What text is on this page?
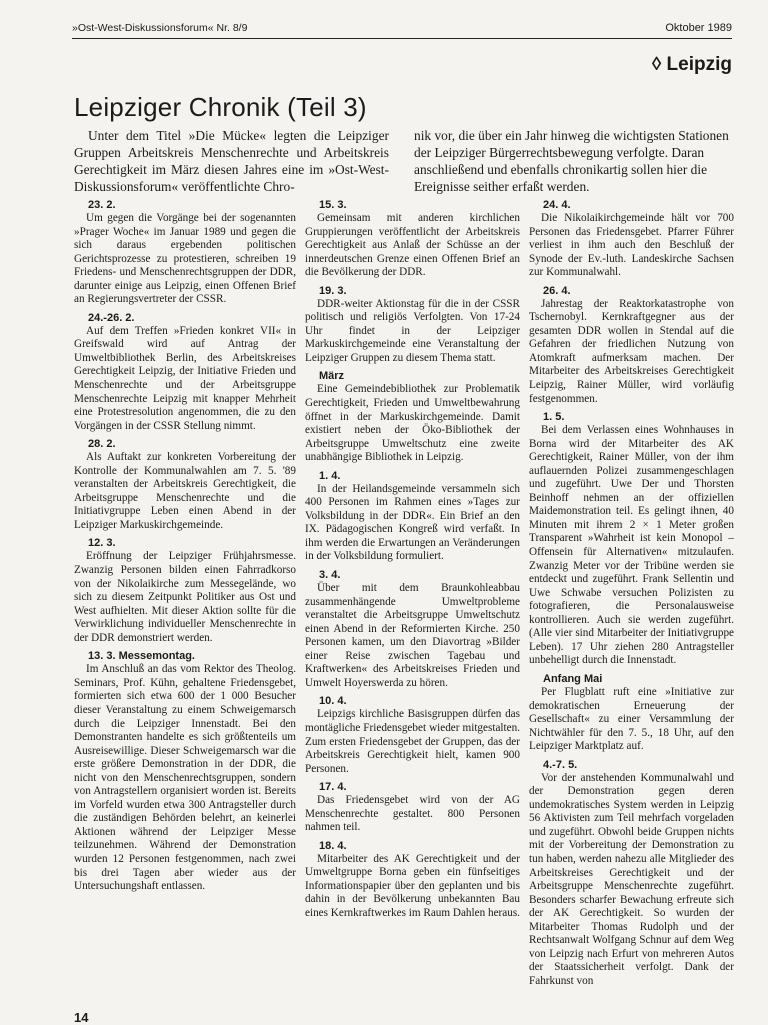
»Ost-West-Diskussionsforum« Nr. 8/9	Oktober 1989
◊ Leipzig
Leipziger Chronik (Teil 3)
Unter dem Titel »Die Mücke« legten die Leipziger Gruppen Arbeitskreis Menschenrechte und Arbeitskreis Gerechtigkeit im März diesen Jahres eine im »Ost-West-Diskussionsforum« veröffentlichte Chro-
nik vor, die über ein Jahr hinweg die wichtigsten Stationen der Leipziger Bürgerrechtsbewegung verfolgte. Daran anschließend und ebenfalls chronikartig sollen hier die Ereignisse seither erfaßt werden.
23. 2.
Um gegen die Vorgänge bei der sogenannten »Prager Woche« im Januar 1989 und gegen die sich daraus ergebenden politischen Gerichtsprozesse zu protestieren, schreiben 19 Friedens- und Menschenrechtsgruppen der DDR, darunter einige aus Leipzig, einen Offenen Brief an Regierungsvertreter der CSSR.
24.-26. 2.
Auf dem Treffen »Frieden konkret VII« in Greifswald wird auf Antrag der Umweltbibliothek Berlin, des Arbeitskreises Gerechtigkeit Leipzig, der Initiative Frieden und Menschenrechte und der Arbeitsgruppe Menschenrechte Leipzig mit knapper Mehrheit eine Protestresolution angenommen, die zu den Vorgängen in der CSSR Stellung nimmt.
28. 2.
Als Auftakt zur konkreten Vorbereitung der Kontrolle der Kommunalwahlen am 7. 5. '89 veranstalten der Arbeitskreis Gerechtigkeit, die Arbeitsgruppe Menschenrechte und die Initiativgruppe Leben einen Abend in der Leipziger Markuskirchgemeinde.
12. 3.
Eröffnung der Leipziger Frühjahrsmesse. Zwanzig Personen bilden einen Fahrradkorso von der Nikolaikirche zum Messegelände, wo sich zu diesem Zeitpunkt Politiker aus Ost und West aufhielten. Mit dieser Aktion sollte für die Verwirklichung individueller Menschenrechte in der DDR demonstriert werden.
13. 3. Messemontag.
Im Anschluß an das vom Rektor des Theolog. Seminars, Prof. Kühn, gehaltene Friedensgebet, formierten sich etwa 600 der 1 000 Besucher dieser Veranstaltung zu einem Schweigemarsch durch die Leipziger Innenstadt. Bei den Demonstranten handelte es sich größtenteils um Ausreisewillige. Dieser Schweigemarsch war die erste größere Demonstration in der DDR, die nicht von den Menschenrechtsgruppen, sondern von Antragstellern organisiert worden ist. Bereits im Vorfeld wurden etwa 300 Antragsteller durch die zuständigen Behörden belehrt, an keinerlei Aktionen während der Leipziger Messe teilzunehmen. Während der Demonstration wurden 12 Personen festgenommen, nach zwei bis drei Tagen aber wieder aus der Untersuchungshaft entlassen.
15. 3.
Gemeinsam mit anderen kirchlichen Gruppierungen veröffentlicht der Arbeitskreis Gerechtigkeit aus Anlaß der Schüsse an der innerdeutschen Grenze einen Offenen Brief an die Bevölkerung der DDR.
19. 3.
DDR-weiter Aktionstag für die in der CSSR politisch und religiös Verfolgten. Von 17-24 Uhr findet in der Leipziger Markuskirchgemeinde eine Veranstaltung der Leipziger Gruppen zu diesem Thema statt.
März
Eine Gemeindebibliothek zur Problematik Gerechtigkeit, Frieden und Umweltbewahrung öffnet in der Markuskirchgemeinde. Damit existiert neben der Öko-Bibliothek der Arbeitsgruppe Umweltschutz eine zweite unabhängige Bibliothek in Leipzig.
1. 4.
In der Heilandsgemeinde versammeln sich 400 Personen im Rahmen eines »Tages zur Volksbildung in der DDR«. Ein Brief an den IX. Pädagogischen Kongreß wird verfaßt. In ihm werden die Erwartungen an Veränderungen in der Volksbildung formuliert.
3. 4.
Über mit dem Braunkohleabbau zusammenhängende Umweltprobleme veranstaltet die Arbeitsgruppe Umweltschutz einen Abend in der Reformierten Kirche. 250 Personen kamen, um den Diavortrag »Bilder einer Reise zwischen Tagebau und Kraftwerken« des Arbeitskreises Frieden und Umwelt Hoyerswerda zu hören.
10. 4.
Leipzigs kirchliche Basisgruppen dürfen das montägliche Friedensgebet wieder mitgestalten. Zum ersten Friedensgebet der Gruppen, das der Arbeitskreis Gerechtigkeit hielt, kamen 900 Personen.
17. 4.
Das Friedensgebet wird von der AG Menschenrechte gestaltet. 800 Personen nahmen teil.
18. 4.
Mitarbeiter des AK Gerechtigkeit und der Umweltgruppe Borna geben ein fünfseitiges Informationspapier über den geplanten und bis dahin in der Bevölkerung unbekannten Bau eines Kernkraftwerkes im Raum Dahlen heraus.
24. 4.
Die Nikolaikirchgemeinde hält vor 700 Personen das Friedensgebet. Pfarrer Führer verliest in ihm auch den Beschluß der Synode der Ev.-luth. Landeskirche Sachsen zur Kommunalwahl.
26. 4.
Jahrestag der Reaktorkatastrophe von Tschernobyl. Kernkraftgegner aus der gesamten DDR wollen in Stendal auf die Gefahren der friedlichen Nutzung von Atomkraft aufmerksam machen. Der Mitarbeiter des Arbeitskreises Gerechtigkeit Leipzig, Rainer Müller, wird vorläufig festgenommen.
1. 5.
Bei dem Verlassen eines Wohnhauses in Borna wird der Mitarbeiter des AK Gerechtigkeit, Rainer Müller, von der ihm auflauernden Polizei zusammengeschlagen und zugeführt. Uwe Der und Thorsten Beinhoff nehmen an der offiziellen Maidemonstration teil. Es gelingt ihnen, 40 Minuten mit ihrem 2 × 1 Meter großen Transparent »Wahrheit ist kein Monopol – Offensein für Alternativen« mitzulaufen. Zwanzig Meter vor der Tribüne werden sie entdeckt und zugeführt. Frank Sellentin und Uwe Schwabe versuchen Polizisten zu fotografieren, die Personalausweise kontrollieren. Auch sie werden zugeführt. (Alle vier sind Mitarbeiter der Initiativgruppe Leben). 17 Uhr ziehen 280 Antragsteller unbehelligt durch die Innenstadt.
Anfang Mai
Per Flugblatt ruft eine »Initiative zur demokratischen Erneuerung der Gesellschaft« zu einer Versammlung der Nichtwähler für den 7. 5., 18 Uhr, auf den Leipziger Marktplatz auf.
4.-7. 5.
Vor der anstehenden Kommunalwahl und der Demonstration gegen deren undemokratisches System werden in Leipzig 56 Aktivisten zum Teil mehrfach vorgeladen und zugeführt. Obwohl beide Gruppen nichts mit der Vorbereitung der Demonstration zu tun haben, werden nahezu alle Mitglieder des Arbeitskreises Gerechtigkeit und der Arbeitsgruppe Menschenrechte zugeführt. Besonders scharfer Bewachung erfreute sich der AK Gerechtigkeit. So wurden der Mitarbeiter Thomas Rudolph und der Rechtsanwalt Wolfgang Schnur auf dem Weg von Leipzig nach Erfurt von mehreren Autos der Staatssicherheit verfolgt. Dank der Fahrkunst von
14
